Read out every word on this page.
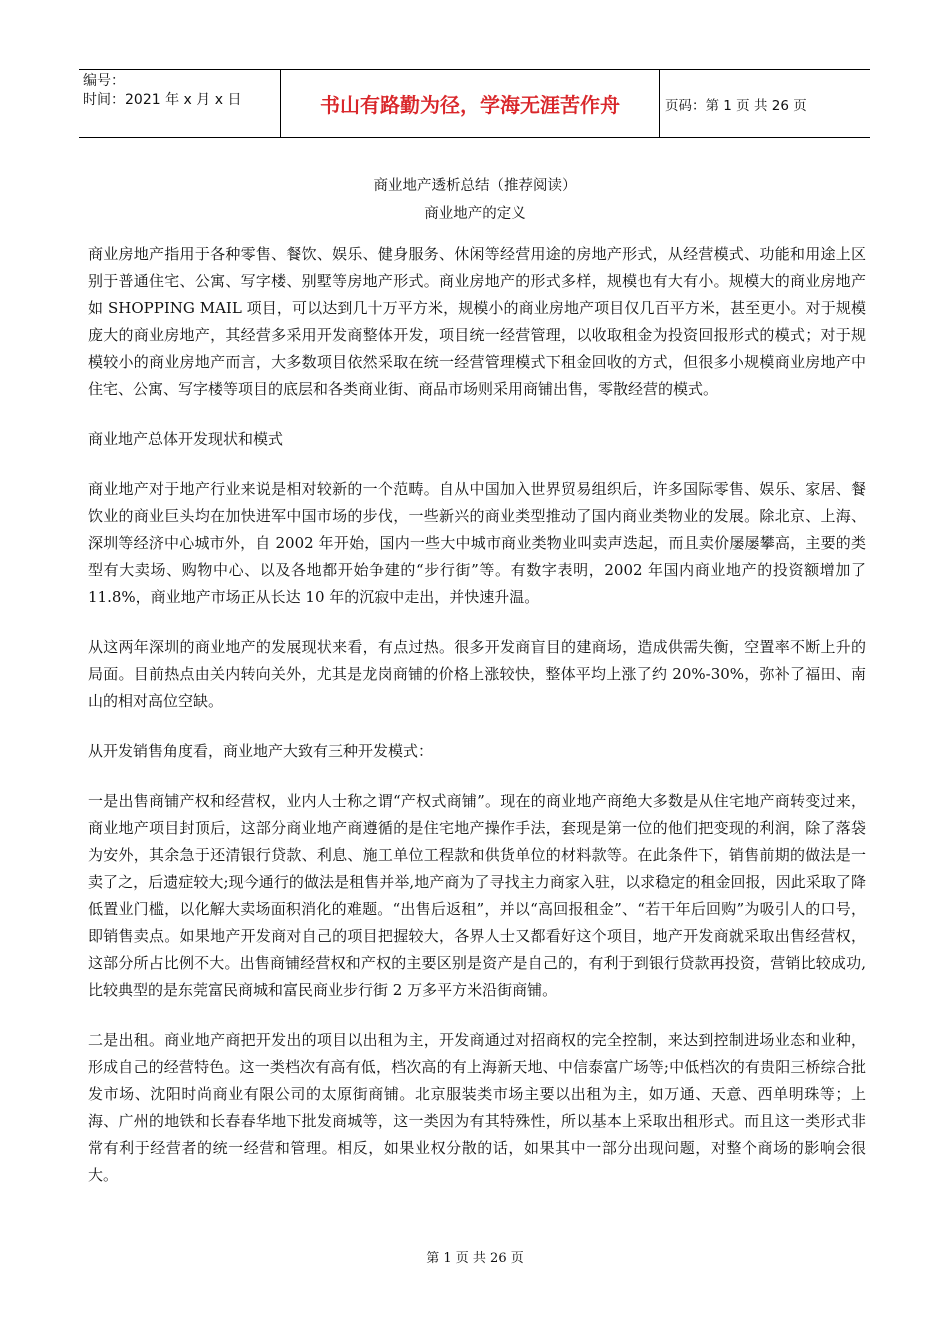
编号：
时间：2021 年 x 月 x 日	书山有路勤为径，学海无涯苦作舟	页码：第 1 页 共 26 页
商业地产透析总结（推荐阅读）
商业地产的定义

商业房地产指用于各种零售、餐饮、娱乐、健身服务、休闲等经营用途的房地产形式，从经营模式、功能和用途上区别于普通住宅、公寓、写字楼、别墅等房地产形式。商业房地产的形式多样，规模也有大有小。规模大的商业房地产如 SHOPPING MAIL 项目，可以达到几十万平方米，规模小的商业房地产项目仅几百平方米，甚至更小。对于规模庞大的商业房地产，其经营多采用开发商整体开发，项目统一经营管理，以收取租金为投资回报形式的模式；对于规模较小的商业房地产而言，大多数项目依然采取在统一经营管理模式下租金回收的方式，但很多小规模商业房地产中住宅、公寓、写字楼等项目的底层和各类商业街、商品市场则采用商铺出售，零散经营的模式。

商业地产总体开发现状和模式

商业地产对于地产行业来说是相对较新的一个范畴。自从中国加入世界贸易组织后，许多国际零售、娱乐、家居、餐饮业的商业巨头均在加快进军中国市场的步伐，一些新兴的商业类型推动了国内商业类物业的发展。除北京、上海、深圳等经济中心城市外，自 2002 年开始，国内一些大中城市商业类物业叫卖声迭起，而且卖价屡屡攀高，主要的类型有大卖场、购物中心、以及各地都开始争建的“步行街”等。有数字表明，2002 年国内商业地产的投资额增加了 11.8%，商业地产市场正从长达 10 年的沉寂中走出，并快速升温。

从这两年深圳的商业地产的发展现状来看，有点过热。很多开发商盲目的建商场，造成供需失衡，空置率不断上升的局面。目前热点由关内转向关外，尤其是龙岗商铺的价格上涨较快，整体平均上涨了约 20%-30%，弥补了福田、南山的相对高位空缺。

从开发销售角度看，商业地产大致有三种开发模式：

一是出售商铺产权和经营权，业内人士称之谓“产权式商铺”。现在的商业地产商绝大多数是从住宅地产商转变过来，商业地产项目封顶后，这部分商业地产商遵循的是住宅地产操作手法，套现是第一位的他们把变现的利润，除了落袋为安外，其余急于还清银行贷款、利息、施工单位工程款和供货单位的材料款等。在此条件下，销售前期的做法是一卖了之，后遗症较大;现今通行的做法是租售并举,地产商为了寻找主力商家入驻，以求稳定的租金回报，因此采取了降低置业门槛，以化解大卖场面积消化的难题。“出售后返租”，并以“高回报租金”、“若干年后回购”为吸引人的口号，即销售卖点。如果地产开发商对自己的项目把握较大，各界人士又都看好这个项目，地产开发商就采取出售经营权，这部分所占比例不大。出售商铺经营权和产权的主要区别是资产是自己的，有利于到银行贷款再投资，营销比较成功,比较典型的是东莞富民商城和富民商业步行街 2 万多平方米沿街商铺。

二是出租。商业地产商把开发出的项目以出租为主，开发商通过对招商权的完全控制，来达到控制进场业态和业种，形成自己的经营特色。这一类档次有高有低，档次高的有上海新天地、中信泰富广场等;中低档次的有贵阳三桥综合批发市场、沈阳时尚商业有限公司的太原街商铺。北京服装类市场主要以出租为主，如万通、天意、西单明珠等；上海、广州的地铁和长春春华地下批发商城等，这一类因为有其特殊性，所以基本上采取出租形式。而且这一类形式非常有利于经营者的统一经营和管理。相反，如果业权分散的话，如果其中一部分出现问题，对整个商场的影响会很大。

第 1 页 共 26 页
